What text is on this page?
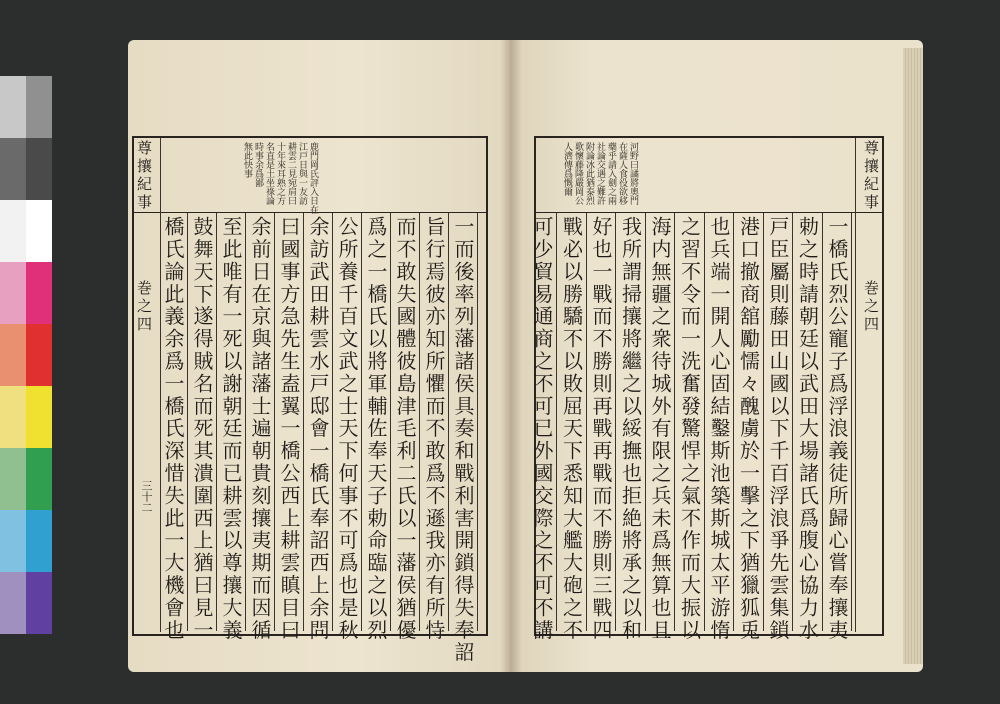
尊攘紀事
巻之四
三十二
鹿門岡氏評入日在
江戸日與一友訪
耕雲二見宛肩曰
十年來耳熟之方
名直是土坐祿論
時事余爲鄙
無此快事
一而後率列藩諸侯具奏和戰利害開鎖得失奉詔
旨行焉彼亦知所懼而不敢爲不遜我亦有所恃
而不敢失國體彼島津毛利二氏以一藩侯猶優
爲之一橋氏以將軍輔佐奉天子勅命臨之以烈
公所養千百文武之士天下何事不可爲也是秋
余訪武田耕雲水戸邸會一橋氏奉詔西上余問
曰國事方急先生盍翼一橋公西上耕雲瞋目曰
余前日在京與諸藩士遍朝貴刻攘夷期而因循
至此唯有一死以謝朝廷而已耕雲以尊攘大義
鼓舞天下遂得賊名而死其潰圍西上猶曰見一
橋氏論此義余爲一橋氏深惜失此一大機會也
尊攘紀事
巻之四
河野曰譎將奧門
在薩人食役欲移
藥乎請入劍之兩
社論交遇之難許
附論冰此猶泰烈
歌懷藤隆嚴岡公
人濟傳爲慨爾
一橋氏烈公寵子爲浮浪義徒所歸心嘗奉攘夷
勅之時請朝廷以武田大場諸氏爲腹心協力水
戸臣屬則藤田山國以下千百浮浪爭先雲集鎖
港口撤商舘勵懦々醜虜於一擊之下猶獵狐兎
也兵端一開人心固結鑿斯池築斯城太平游惰
之習不令而一洗奮發驚悍之氣不作而大振以
海内無疆之衆待城外有限之兵未爲無算也且
我所謂掃攘將繼之以綏撫也拒絶將承之以和
好也一戰而不勝則再戰再戰而不勝則三戰四
戰必以勝驕不以敗屈天下悉知大艦大砲之不
可少貿易通商之不可已外國交際之不可不講
